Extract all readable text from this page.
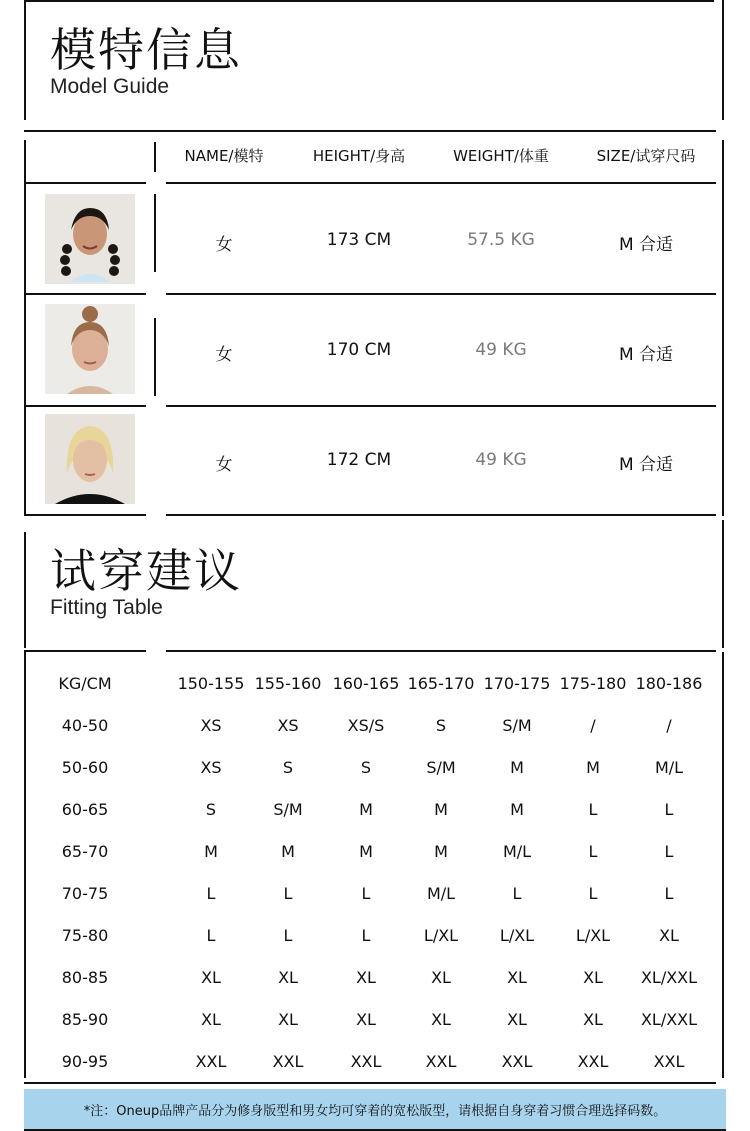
模特信息
Model Guide
NAME/模特	HEIGHT/身高	WEIGHT/体重	SIZE/试穿尺码
女	173 CM	57.5 KG	M 合适
女	170 CM	49 KG	M 合适
女	172 CM	49 KG	M 合适
试穿建议
Fitting Table
KG/CM	150-155 155-160 160-165 165-170 170-175 175-180 180-186
40-50	XS	XS	XS/S	S	S/M	/	/
50-60	XS	S	S	S/M	M	M	M/L
60-65	S	S/M	M	M	M	L	L
65-70	M	M	M	M	M/L	L	L
70-75	L	L	L	M/L	L	L	L
75-80	L	L	L	L/XL	L/XL	L/XL	XL
80-85	XL	XL	XL	XL	XL	XL	XL/XXL
85-90	XL	XL	XL	XL	XL	XL	XL/XXL
90-95	XXL	XXL	XXL	XXL	XXL	XXL	XXL
*注：Oneup品牌产品分为修身版型和男女均可穿着的宽松版型，请根据自身穿着习惯合理选择码数。
